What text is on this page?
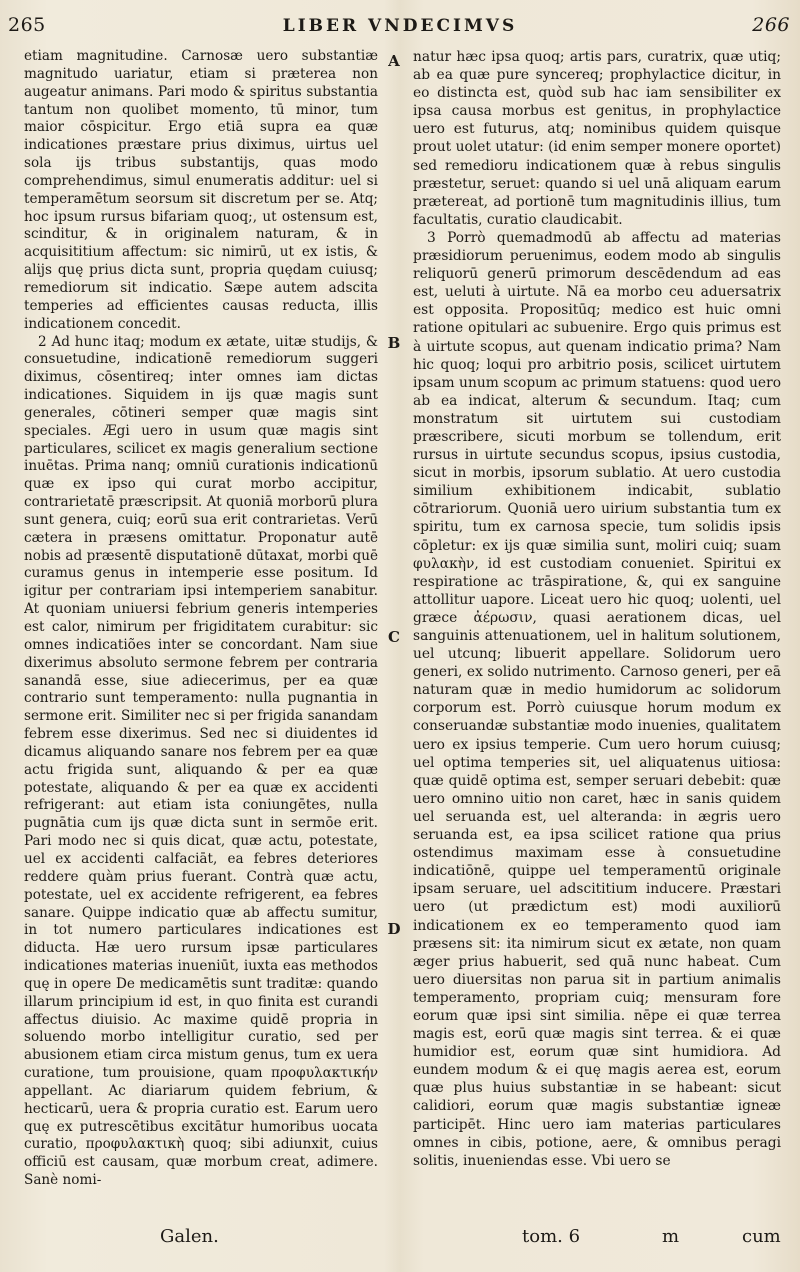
265	LIBER VNDECIMVS	266

etiam magnitudine. Carnosæ uero substantiæ magnitudo uariatur, etiam si præterea non augeatur animans. Pari modo & spiritus substantia tantum non quolibet momento, tū minor, tum maior cōspicitur. Ergo etiā supra ea quæ indicationes præstare prius diximus, uirtus uel sola ijs tribus substantijs, quas modo comprehendimus, simul enumeratis additur: uel si temperamētum seorsum sit discretum per se. Atq; hoc ipsum rursus bifariam quoq;, ut ostensum est, scinditur, & in originalem naturam, & in acquisititium affectum: sic nimirū, ut ex istis, & alijs quę prius dicta sunt, propria quędam cuiusq; remediorum sit indicatio. Sæpe autem adscita temperies ad efficientes causas reducta, illis indicationem concedit.

2 Ad hunc itaq; modum ex ætate, uitæ studijs, & consuetudine, indicationē remediorum suggeri diximus, cōsentireq; inter omnes iam dictas indicationes. Siquidem in ijs quæ magis sunt generales, cōtineri semper quæ magis sint speciales. Ægi uero in usum quæ magis sint particulares, scilicet ex magis generalium sectione inuētas. Prima nanq; omniū curationis indicationū quæ ex ipso qui curat morbo accipitur, contrarietatē præscripsit. At quoniā morborū plura sunt genera, cuiq; eorū sua erit contrarietas. Verū cætera in præsens omittatur. Proponatur autē nobis ad præsentē disputationē dūtaxat, morbi quē curamus genus in intemperie esse positum. Id igitur per contrariam ipsi intemperiem sanabitur. At quoniam uniuersi febrium generis intemperies est calor, nimirum per frigiditatem curabitur: sic omnes indicatiões inter se concordant. Nam siue dixerimus absoluto sermone febrem per contraria sanandā esse, siue adiecerimus, per ea quæ contrario sunt temperamento: nulla pugnantia in sermone erit. Similiter nec si per frigida sanandam febrem esse dixerimus. Sed nec si diuidentes id dicamus aliquando sanare nos febrem per ea quæ actu frigida sunt, aliquando & per ea quæ potestate, aliquando & per ea quæ ex accidenti refrigerant: aut etiam ista coniungētes, nulla pugnātia cum ijs quæ dicta sunt in sermōe erit. Pari modo nec si quis dicat, quæ actu, potestate, uel ex accidenti calfaciāt, ea febres deteriores reddere quàm prius fuerant. Contrà quæ actu, potestate, uel ex accidente refrigerent, ea febres sanare. Quippe indicatio quæ ab affectu sumitur, in tot numero particulares indicationes est diducta. Hæ uero rursum ipsæ particulares indicationes materias inueniūt, iuxta eas methodos quę in opere De medicamētis sunt traditæ: quando illarum principium id est, in quo finita est curandi affectus diuisio. Ac maxime quidē propria in soluendo morbo intelligitur curatio, sed per abusionem etiam circa mistum genus, tum ex uera curatione, tum prouisione, quam προφυλακτικήν appellant. Ac diariarum quidem febrium, & hecticarū, uera & propria curatio est. Earum uero quę ex putrescētibus excitātur humoribus uocata curatio, προφυλακτικὴ quoq; sibi adiunxit, cuius officiū est causam, quæ morbum creat, adimere. Sanè nomi-

A
B
C
D

natur hæc ipsa quoq; artis pars, curatrix, quæ utiq; ab ea quæ pure syncereq; prophylactice dicitur, in eo distincta est, quòd sub hac iam sensibiliter ex ipsa causa morbus est genitus, in prophylactice uero est futurus, atq; nominibus quidem quisque prout uolet utatur: (id enim semper monere oportet) sed remedioru indicationem quæ à rebus singulis præstetur, seruet: quando si uel unā aliquam earum prætereat, ad portionē tum magnitudinis illius, tum facultatis, curatio claudicabit.

3 Porrò quemadmodū ab affectu ad materias præsidiorum peruenimus, eodem modo ab singulis reliquorū generū primorum descēdendum ad eas est, ueluti à uirtute. Nā ea morbo ceu aduersatrix est opposita. Propositūq; medico est huic omni ratione opitulari ac subuenire. Ergo quis primus est à uirtute scopus, aut quenam indicatio prima? Nam hic quoq; loqui pro arbitrio posis, scilicet uirtutem ipsam unum scopum ac primum statuens: quod uero ab ea indicat, alterum & secundum. Itaq; cum monstratum sit uirtutem sui custodiam præscribere, sicuti morbum se tollendum, erit rursus in uirtute secundus scopus, ipsius custodia, sicut in morbis, ipsorum sublatio. At uero custodia similium exhibitionem indicabit, sublatio cōtrariorum. Quoniā uero uirium substantia tum ex spiritu, tum ex carnosa specie, tum solidis ipsis cōpletur: ex ijs quæ similia sunt, moliri cuiq; suam φυλακὴν, id est custodiam conueniet. Spiritui ex respiratione ac trāspiratione, &, qui ex sanguine attollitur uapore. Liceat uero hic quoq; uolenti, uel græce ἀέρωσιν, quasi aerationem dicas, uel sanguinis attenuationem, uel in halitum solutionem, uel utcunq; libuerit appellare. Solidorum uero generi, ex solido nutrimento. Carnoso generi, per eā naturam quæ in medio humidorum ac solidorum corporum est. Porrò cuiusque horum modum ex conseruandæ substantiæ modo inuenies, qualitatem uero ex ipsius temperie. Cum uero horum cuiusq; uel optima temperies sit, uel aliquatenus uitiosa: quæ quidē optima est, semper seruari debebit: quæ uero omnino uitio non caret, hæc in sanis quidem uel seruanda est, uel alteranda: in ægris uero seruanda est, ea ipsa scilicet ratione qua prius ostendimus maximam esse à consuetudine indicatiōnē, quippe uel temperamentū originale ipsam seruare, uel adscititium inducere. Præstari uero (ut prædictum est) modi auxiliorū indicationem ex eo temperamento quod iam præsens sit: ita nimirum sicut ex ætate, non quam æger prius habuerit, sed quā nunc habeat. Cum uero diuersitas non parua sit in partium animalis temperamento, propriam cuiq; mensuram fore eorum quæ ipsi sint similia. nēpe ei quæ terrea magis est, eorū quæ magis sint terrea. & ei quæ humidior est, eorum quæ sint humidiora. Ad eundem modum & ei quę magis aerea est, eorum quæ plus huius substantiæ in se habeant: sicut calidiori, eorum quæ magis substantiæ igneæ participēt. Hinc uero iam materias particulares omnes in cibis, potione, aere, & omnibus peragi solitis, inueniendas esse. Vbi uero se

Galen.	tom. 6	m	cum
